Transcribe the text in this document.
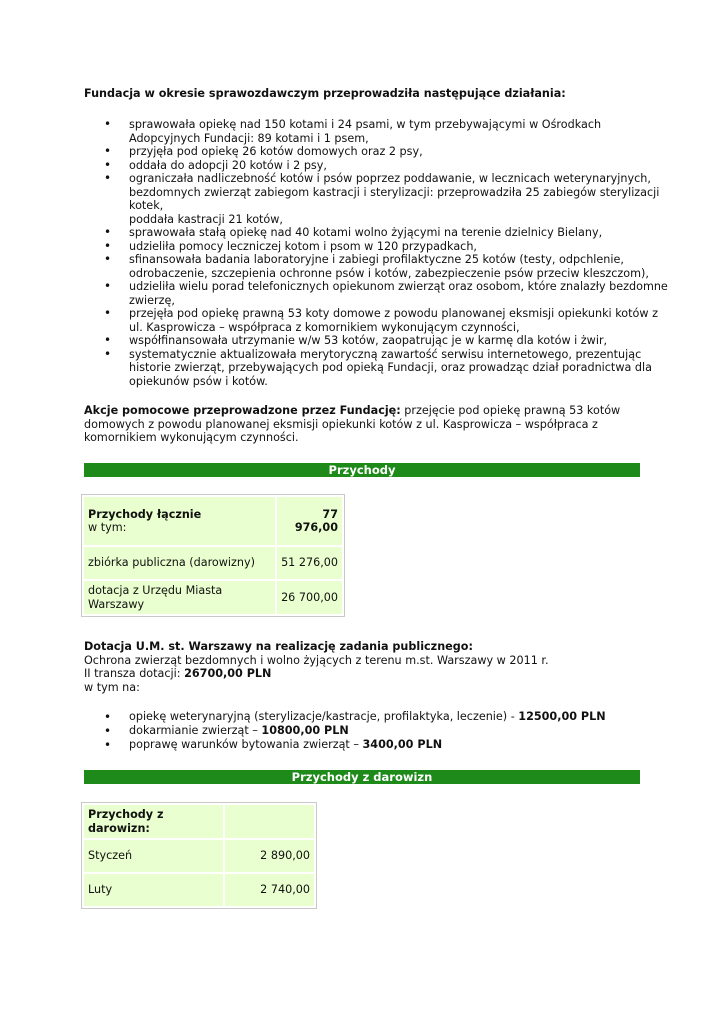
Fundacja w okresie sprawozdawczym przeprowadziła następujące działania:
• sprawowała opiekę nad 150 kotami i 24 psami, w tym przebywającymi w Ośrodkach
Adopcyjnych Fundacji: 89 kotami i 1 psem,
• przyjęła pod opiekę 26 kotów domowych oraz 2 psy,
• oddała do adopcji 20 kotów i 2 psy,
• ograniczała nadliczebność kotów i psów poprzez poddawanie, w lecznicach weterynaryjnych,
bezdomnych zwierząt zabiegom kastracji i sterylizacji: przeprowadziła 25 zabiegów sterylizacji
kotek,
poddała kastracji 21 kotów,
• sprawowała stałą opiekę nad 40 kotami wolno żyjącymi na terenie dzielnicy Bielany,
• udzieliła pomocy leczniczej kotom i psom w 120 przypadkach,
• sfinansowała badania laboratoryjne i zabiegi profilaktyczne 25 kotów (testy, odpchlenie,
odrobaczenie, szczepienia ochronne psów i kotów, zabezpieczenie psów przeciw kleszczom),
• udzieliła wielu porad telefonicznych opiekunom zwierząt oraz osobom, które znalazły bezdomne
zwierzę,
• przejęła pod opiekę prawną 53 koty domowe z powodu planowanej eksmisji opiekunki kotów z
ul. Kasprowicza – współpraca z komornikiem wykonującym czynności,
• współfinansowała utrzymanie w/w 53 kotów, zaopatrując je w karmę dla kotów i żwir,
• systematycznie aktualizowała merytoryczną zawartość serwisu internetowego, prezentując
historie zwierząt, przebywających pod opieką Fundacji, oraz prowadząc dział poradnictwa dla
opiekunów psów i kotów.
Akcje pomocowe przeprowadzone przez Fundację: przejęcie pod opiekę prawną 53 kotów
domowych z powodu planowanej eksmisji opiekunki kotów z ul. Kasprowicza – współpraca z
komornikiem wykonującym czynności.
Przychody
Przychody łącznie
w tym:	77 976,00
zbiórka publiczna (darowizny)	51 276,00
dotacja z Urzędu Miasta Warszawy	26 700,00
Dotacja U.M. st. Warszawy na realizację zadania publicznego:
Ochrona zwierząt bezdomnych i wolno żyjących z terenu m.st. Warszawy w 2011 r.
II transza dotacji: 26700,00 PLN
w tym na:
• opiekę weterynaryjną (sterylizacje/kastracje, profilaktyka, leczenie) - 12500,00 PLN
• dokarmianie zwierząt – 10800,00 PLN
• poprawę warunków bytowania zwierząt – 3400,00 PLN
Przychody z darowizn
Przychody z darowizn:	
Styczeń	2 890,00
Luty	2 740,00
